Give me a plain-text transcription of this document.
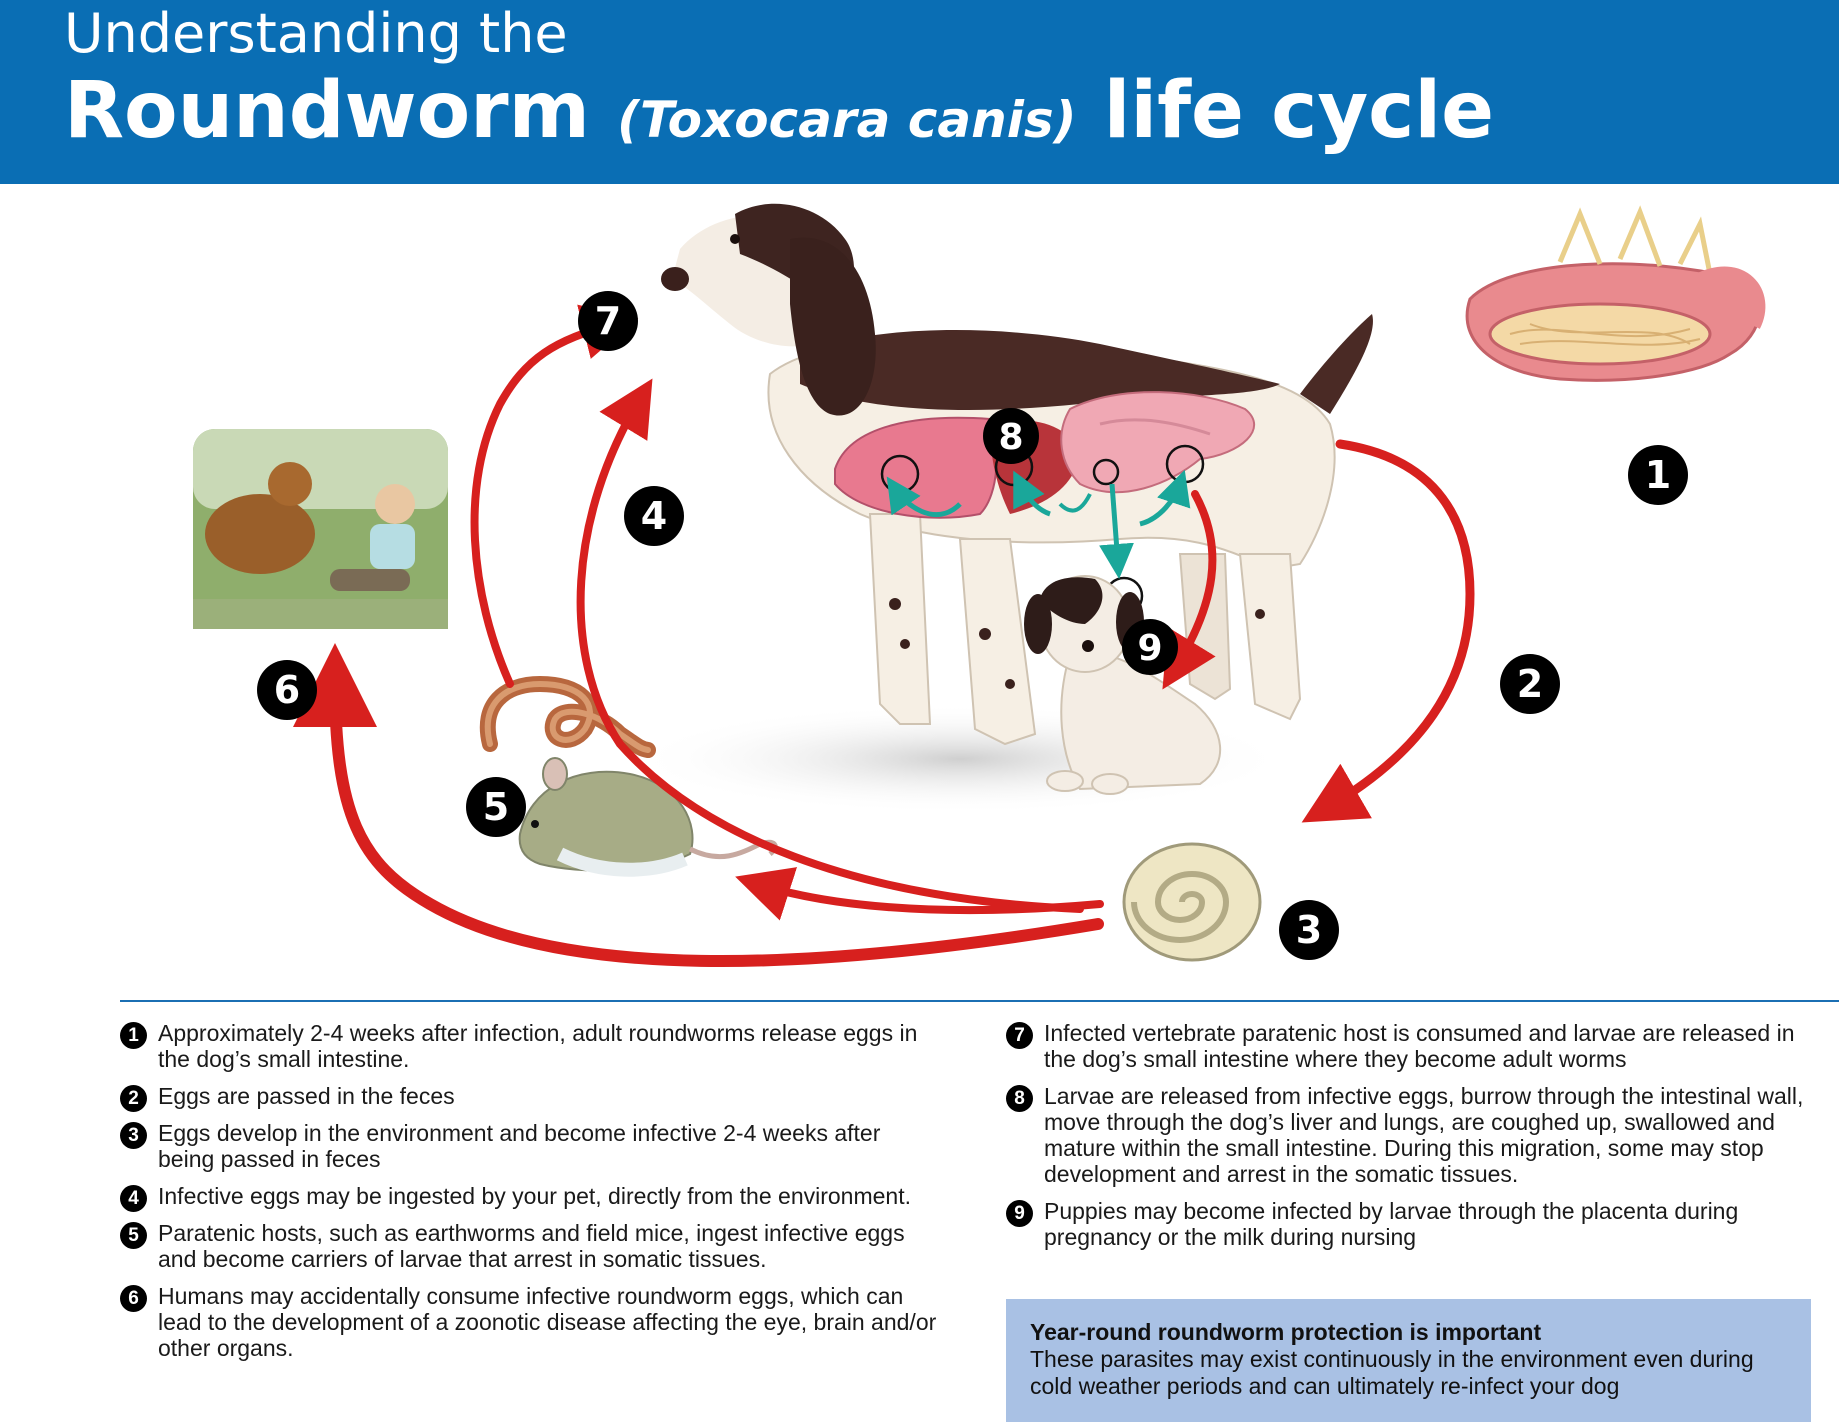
Understanding the
Roundworm (Toxocara canis) life cycle
1
2
3
4
5
6
7
8
9
1 Approximately 2-4 weeks after infection, adult roundworms release eggs in the dog’s small intestine.
2 Eggs are passed in the feces
3 Eggs develop in the environment and become infective 2-4 weeks after being passed in feces
4 Infective eggs may be ingested by your pet, directly from the environment.
5 Paratenic hosts, such as earthworms and field mice, ingest infective eggs and become carriers of larvae that arrest in somatic tissues.
6 Humans may accidentally consume infective roundworm eggs, which can lead to the development of a zoonotic disease affecting the eye, brain and/or other organs.
7 Infected vertebrate paratenic host is consumed and larvae are released in the dog’s small intestine where they become adult worms
8 Larvae are released from infective eggs, burrow through the intestinal wall, move through the dog’s liver and lungs, are coughed up, swallowed and mature within the small intestine. During this migration, some may stop development and arrest in the somatic tissues.
9 Puppies may become infected by larvae through the placenta during pregnancy or the milk during nursing
Year-round roundworm protection is important
These parasites may exist continuously in the environment even during cold weather periods and can ultimately re-infect your dog
